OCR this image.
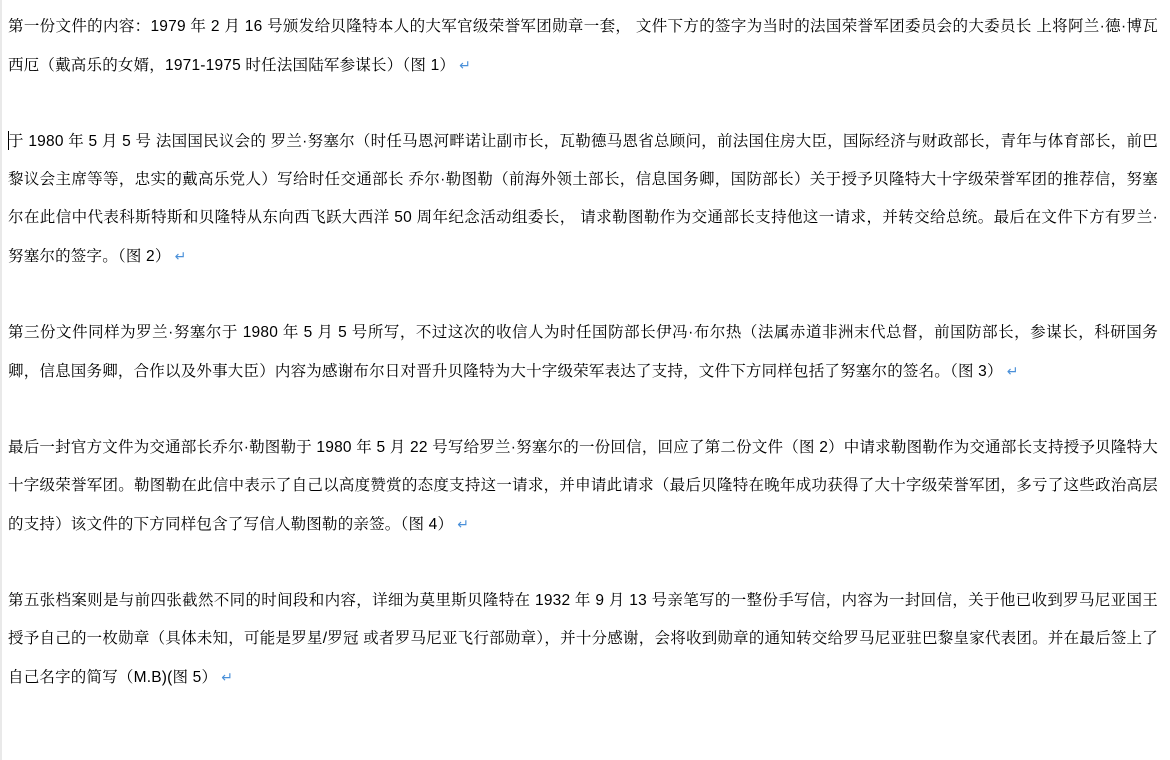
第一份文件的内容：1979 年 2 月 16 号颁发给贝隆特本人的大军官级荣誉军团勋章一套， 文件下方的签字为当时的法国荣誉军团委员会的大委员长 上将阿兰·德·博瓦西厄（戴高乐的女婿，1971-1975 时任法国陆军参谋长）（图 1） ↵

于 1980 年 5 月 5 号 法国国民议会的 罗兰·努塞尔（时任马恩河畔诺让副市长，瓦勒德马恩省总顾问，前法国住房大臣，国际经济与财政部长，青年与体育部长，前巴黎议会主席等等，忠实的戴高乐党人）写给时任交通部长 乔尔·勒图勒（前海外领土部长，信息国务卿，国防部长）关于授予贝隆特大十字级荣誉军团的推荐信，努塞尔在此信中代表科斯特斯和贝隆特从东向西飞跃大西洋 50 周年纪念活动组委长， 请求勒图勒作为交通部长支持他这一请求，并转交给总统。最后在文件下方有罗兰·努塞尔的签字。（图 2） ↵

第三份文件同样为罗兰·努塞尔于 1980 年 5 月 5 号所写，不过这次的收信人为时任国防部长伊冯·布尔热（法属赤道非洲末代总督，前国防部长，参谋长，科研国务卿，信息国务卿，合作以及外事大臣）内容为感谢布尔日对晋升贝隆特为大十字级荣军表达了支持，文件下方同样包括了努塞尔的签名。（图 3） ↵

最后一封官方文件为交通部长乔尔·勒图勒于 1980 年 5 月 22 号写给罗兰·努塞尔的一份回信，回应了第二份文件（图 2）中请求勒图勒作为交通部长支持授予贝隆特大十字级荣誉军团。勒图勒在此信中表示了自己以高度赞赏的态度支持这一请求，并申请此请求（最后贝隆特在晚年成功获得了大十字级荣誉军团，多亏了这些政治高层的支持）该文件的下方同样包含了写信人勒图勒的亲签。（图 4） ↵

第五张档案则是与前四张截然不同的时间段和内容，详细为莫里斯贝隆特在 1932 年 9 月 13 号亲笔写的一整份手写信，内容为一封回信，关于他已收到罗马尼亚国王授予自己的一枚勋章（具体未知，可能是罗星/罗冠 或者罗马尼亚飞行部勋章），并十分感谢，会将收到勋章的通知转交给罗马尼亚驻巴黎皇家代表团。并在最后签上了自己名字的简写（M.B)(图 5） ↵
